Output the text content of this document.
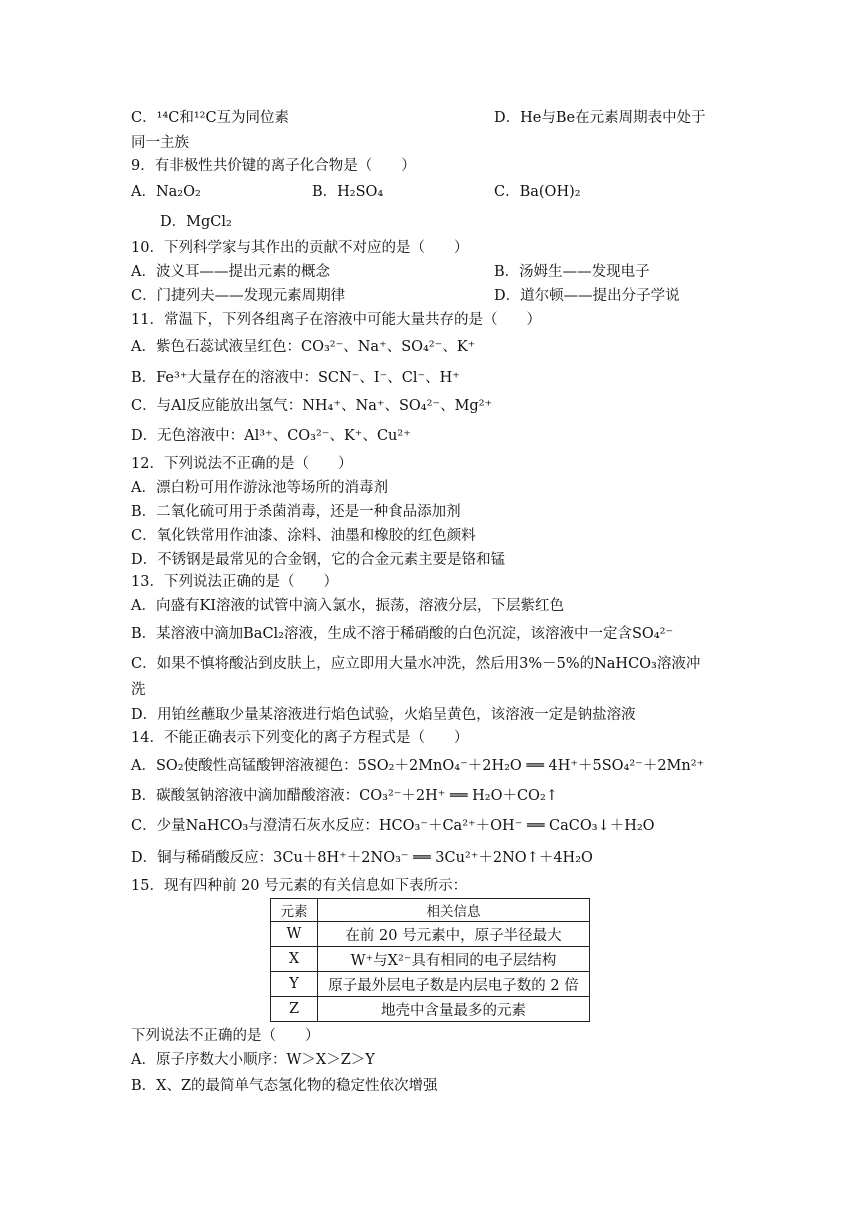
C．¹⁴C和¹²C互为同位素	D．He与Be在元素周期表中处于
同一主族
9．有非极性共价键的离子化合物是（　　）
A．Na₂O₂	B．H₂SO₄	C．Ba(OH)₂
D．MgCl₂
10．下列科学家与其作出的贡献不对应的是（　　）
A．波义耳——提出元素的概念	B．汤姆生——发现电子
C．门捷列夫——发现元素周期律	D．道尔顿——提出分子学说
11．常温下，下列各组离子在溶液中可能大量共存的是（　　）
A．紫色石蕊试液呈红色：CO₃²⁻、Na⁺、SO₄²⁻、K⁺
B．Fe³⁺大量存在的溶液中：SCN⁻、I⁻、Cl⁻、H⁺
C．与Al反应能放出氢气：NH₄⁺、Na⁺、SO₄²⁻、Mg²⁺
D．无色溶液中：Al³⁺、CO₃²⁻、K⁺、Cu²⁺
12．下列说法不正确的是（　　）
A．漂白粉可用作游泳池等场所的消毒剂
B．二氧化硫可用于杀菌消毒，还是一种食品添加剂
C．氧化铁常用作油漆、涂料、油墨和橡胶的红色颜料
D．不锈钢是最常见的合金钢，它的合金元素主要是铬和锰
13．下列说法正确的是（　　）
A．向盛有KI溶液的试管中滴入氯水，振荡，溶液分层，下层紫红色
B．某溶液中滴加BaCl₂溶液，生成不溶于稀硝酸的白色沉淀，该溶液中一定含SO₄²⁻
C．如果不慎将酸沾到皮肤上，应立即用大量水冲洗，然后用3%－5%的NaHCO₃溶液冲
洗
D．用铂丝蘸取少量某溶液进行焰色试验，火焰呈黄色，该溶液一定是钠盐溶液
14．不能正确表示下列变化的离子方程式是（　　）
A．SO₂使酸性高锰酸钾溶液褪色：5SO₂＋2MnO₄⁻＋2H₂O ══ 4H⁺＋5SO₄²⁻＋2Mn²⁺
B．碳酸氢钠溶液中滴加醋酸溶液：CO₃²⁻＋2H⁺ ══ H₂O＋CO₂↑
C．少量NaHCO₃与澄清石灰水反应：HCO₃⁻＋Ca²⁺＋OH⁻ ══ CaCO₃↓＋H₂O
D．铜与稀硝酸反应：3Cu＋8H⁺＋2NO₃⁻ ══ 3Cu²⁺＋2NO↑＋4H₂O
15．现有四种前 20 号元素的有关信息如下表所示：
元素	相关信息
W	在前 20 号元素中，原子半径最大
X	W⁺与X²⁻具有相同的电子层结构
Y	原子最外层电子数是内层电子数的 2 倍
Z	地壳中含量最多的元素
下列说法不正确的是（　　）
A．原子序数大小顺序：W＞X＞Z＞Y
B．X、Z的最简单气态氢化物的稳定性依次增强
